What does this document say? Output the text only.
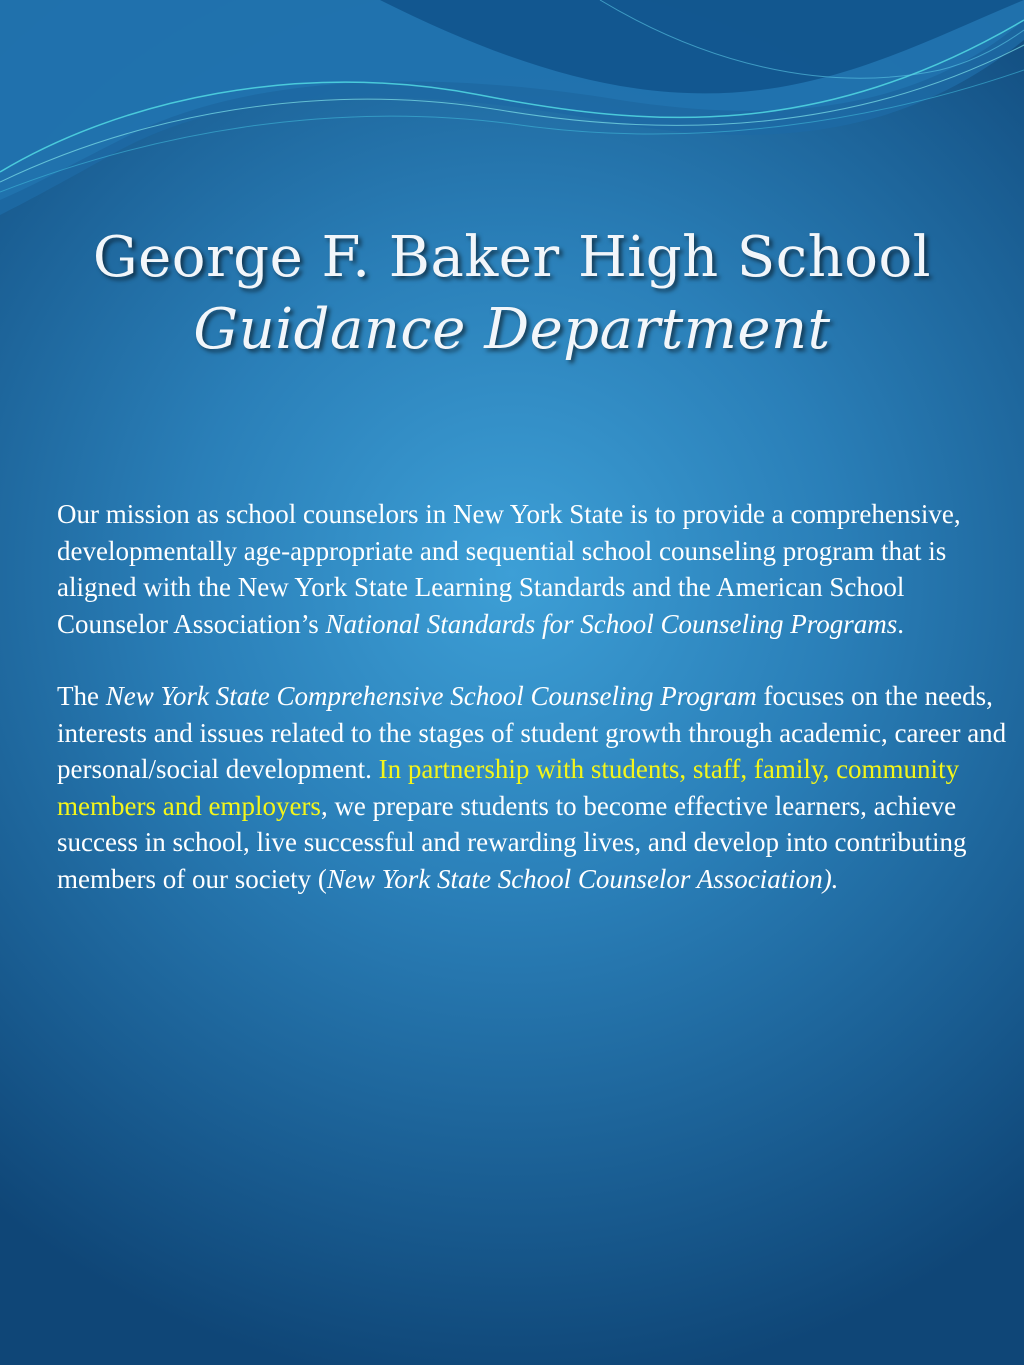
George F. Baker High School
Guidance Department

Our mission as school counselors in New York State is to provide a comprehensive, developmentally age-appropriate and sequential school counseling program that is aligned with the New York State Learning Standards and the American School Counselor Association’s National Standards for School Counseling Programs.

The New York State Comprehensive School Counseling Program focuses on the needs, interests and issues related to the stages of student growth through academic, career and personal/social development. In partnership with students, staff, family, community members and employers, we prepare students to become effective learners, achieve success in school, live successful and rewarding lives, and develop into contributing members of our society (New York State School Counselor Association).
